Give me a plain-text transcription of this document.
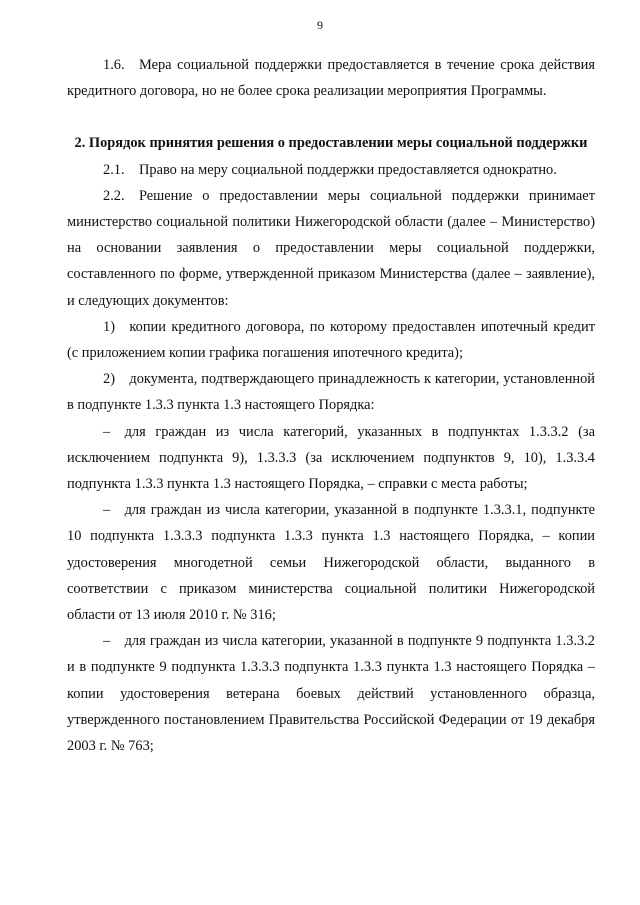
9

1.6. Мера социальной поддержки предоставляется в течение срока действия кредитного договора, но не более срока реализации мероприятия Программы.

2. Порядок принятия решения о предоставлении меры социальной поддержки

2.1. Право на меру социальной поддержки предоставляется однократно.

2.2. Решение о предоставлении меры социальной поддержки принимает министерство социальной политики Нижегородской области (далее – Министерство) на основании заявления о предоставлении меры социальной поддержки, составленного по форме, утвержденной приказом Министерства (далее – заявление), и следующих документов:

1) копии кредитного договора, по которому предоставлен ипотечный кредит (с приложением копии графика погашения ипотечного кредита);

2) документа, подтверждающего принадлежность к категории, установленной в подпункте 1.3.3 пункта 1.3 настоящего Порядка:

– для граждан из числа категорий, указанных в подпунктах 1.3.3.2 (за исключением подпункта 9), 1.3.3.3 (за исключением подпунктов 9, 10), 1.3.3.4 подпункта 1.3.3 пункта 1.3 настоящего Порядка, – справки с места работы;

– для граждан из числа категории, указанной в подпункте 1.3.3.1, подпункте 10 подпункта 1.3.3.3 подпункта 1.3.3 пункта 1.3 настоящего Порядка, – копии удостоверения многодетной семьи Нижегородской области, выданного в соответствии с приказом министерства социальной политики Нижегородской области от 13 июля 2010 г. № 316;

– для граждан из числа категории, указанной в подпункте 9 подпункта 1.3.3.2 и в подпункте 9 подпункта 1.3.3.3 подпункта 1.3.3 пункта 1.3 настоящего Порядка – копии удостоверения ветерана боевых действий установленного образца, утвержденного постановлением Правительства Российской Федерации от 19 декабря 2003 г. № 763;
